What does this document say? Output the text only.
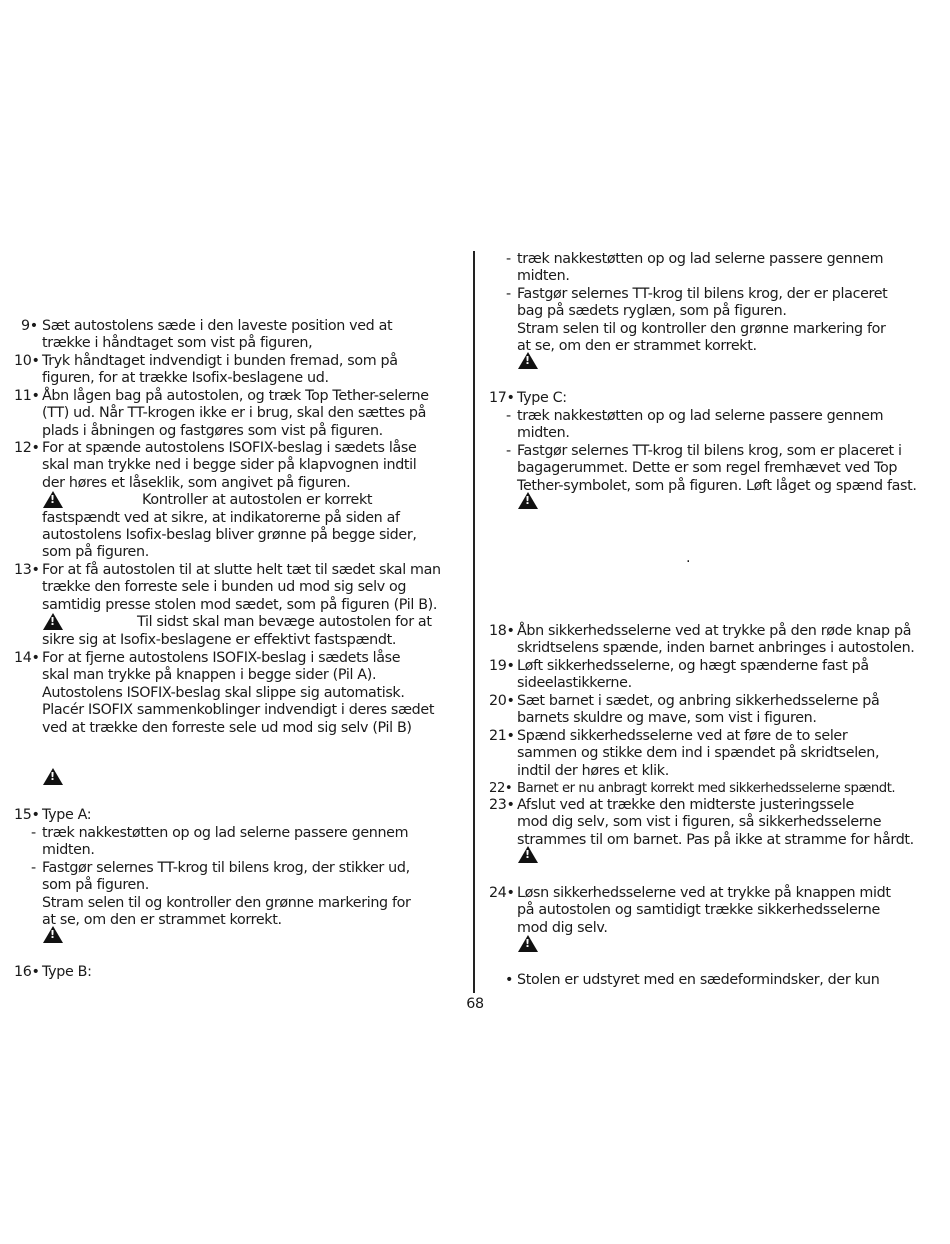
9• Sæt autostolens sæde i den laveste position ved at
trække i håndtaget som vist på figuren,
10• Tryk håndtaget indvendigt i bunden fremad, som på
figuren, for at trække Isofix-beslagene ud.
11• Åbn lågen bag på autostolen, og træk Top Tether-selerne
(TT) ud. Når TT-krogen ikke er i brug, skal den sættes på
plads i åbningen og fastgøres som vist på figuren.
12• For at spænde autostolens ISOFIX-beslag i sædets låse
skal man trykke ned i begge sider på klapvognen indtil
der høres et låseklik, som angivet på figuren.
Kontroller at autostolen er korrekt
fastspændt ved at sikre, at indikatorerne på siden af
autostolens Isofix-beslag bliver grønne på begge sider,
som på figuren.
!
13• For at få autostolen til at slutte helt tæt til sædet skal man
trække den forreste sele i bunden ud mod sig selv og
samtidig presse stolen mod sædet, som på figuren (Pil B).
Til sidst skal man bevæge autostolen for at
sikre sig at Isofix-beslagene er effektivt fastspændt.
!
14• For at fjerne autostolens ISOFIX-beslag i sædets låse
skal man trykke på knappen i begge sider (Pil A).
Autostolens ISOFIX-beslag skal slippe sig automatisk.
Placér ISOFIX sammenkoblinger indvendigt i deres sædet
ved at trække den forreste sele ud mod sig selv (Pil B)
!
15• Type A:
- træk nakkestøtten op og lad selerne passere gennem
midten.
- Fastgør selernes TT-krog til bilens krog, der stikker ud,
som på figuren.
Stram selen til og kontroller den grønne markering for
at se, om den er strammet korrekt.
!
16• Type B:
- træk nakkestøtten op og lad selerne passere gennem
midten.
- Fastgør selernes TT-krog til bilens krog, der er placeret
bag på sædets ryglæn, som på figuren.
Stram selen til og kontroller den grønne markering for
at se, om den er strammet korrekt.
!
17• Type C:
- træk nakkestøtten op og lad selerne passere gennem
midten.
- Fastgør selernes TT-krog til bilens krog, som er placeret i
bagagerummet. Dette er som regel fremhævet ved Top
Tether-symbolet, som på figuren. Løft låget og spænd fast.
!
.
18• Åbn sikkerhedsselerne ved at trykke på den røde knap på
skridtselens spænde, inden barnet anbringes i autostolen.
19• Løft sikkerhedsselerne, og hægt spænderne fast på
sideelastikkerne.
20• Sæt barnet i sædet, og anbring sikkerhedsselerne på
barnets skuldre og mave, som vist i figuren.
21• Spænd sikkerhedsselerne ved at føre de to seler
sammen og stikke dem ind i spændet på skridtselen,
indtil der høres et klik.
22• Barnet er nu anbragt korrekt med sikkerhedsselerne spændt.
23• Afslut ved at trække den midterste justeringssele
mod dig selv, som vist i figuren, så sikkerhedsselerne
strammes til om barnet. Pas på ikke at stramme for hårdt.
!
24• Løsn sikkerhedsselerne ved at trykke på knappen midt
på autostolen og samtidigt trække sikkerhedsselerne
mod dig selv.
!
• Stolen er udstyret med en sædeformindsker, der kun
68
